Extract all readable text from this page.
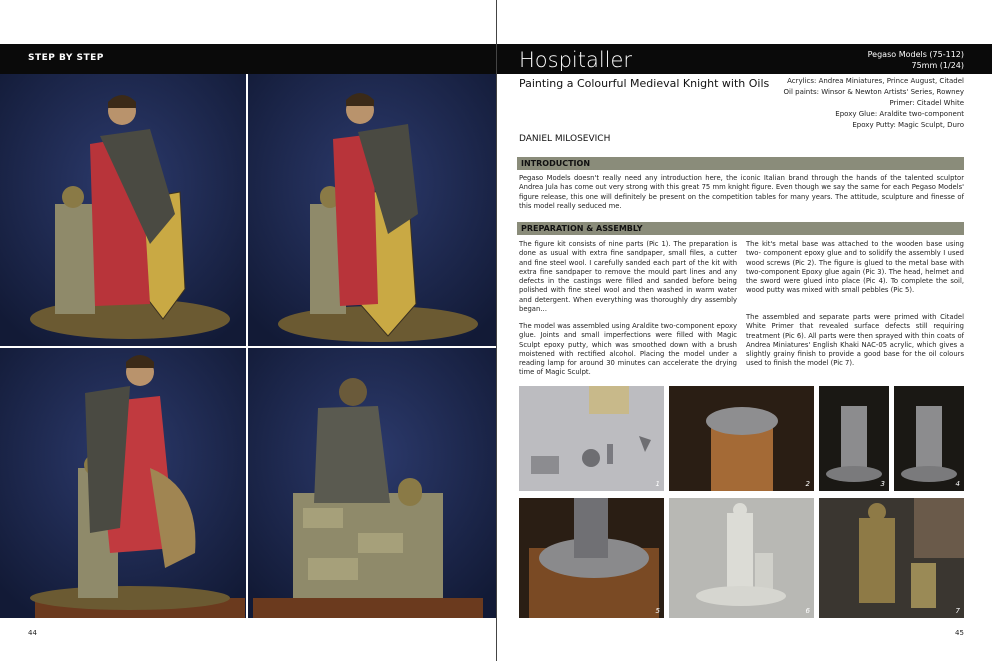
STEP BY STEP	Hospitaller	Pegaso Models (75-112)
75mm (1/24)
Painting a Colourful Medieval Knight with Oils	Acrylics: Andrea Miniatures, Prince August, Citadel
Oil paints: Winsor & Newton Artists' Series, Rowney
Primer: Citadel White
Epoxy Glue: Araldite two-component
Epoxy Putty: Magic Sculpt, Duro
DANIEL MILOSEVICH
INTRODUCTION
Pegaso Models doesn't really need any introduction here, the iconic Italian brand through the hands of the talented sculptor Andrea Jula has come out very strong with this great 75 mm knight figure. Even though we say the same for each Pegaso Models' figure release, this one will definitely be present on the competition tables for many years. The attitude, sculpture and finesse of this model really seduced me.
PREPARATION & ASSEMBLY
The figure kit consists of nine parts (Pic 1). The preparation is done as usual with extra fine sandpaper, small files, a cutter and fine steel wool. I carefully sanded each part of the kit with extra fine sandpaper to remove the mould part lines and any defects in the castings were filled and sanded before being polished with fine steel wool and then washed in warm water and detergent. When everything was thoroughly dry assembly began…
The model was assembled using Araldite two-component epoxy glue. Joints and small imperfections were filled with Magic Sculpt epoxy putty, which was smoothed down with a brush moistened with rectified alcohol. Placing the model under a reading lamp for around 30 minutes can accelerate the drying time of Magic Sculpt.
The kit's metal base was attached to the wooden base using two- component epoxy glue and to solidify the assembly I used wood screws (Pic 2). The figure is glued to the metal base with two-component Epoxy glue again (Pic 3). The head, helmet and the sword were glued into place (Pic 4). To complete the soil, wood putty was mixed with small pebbles (Pic 5).
The assembled and separate parts were primed with Citadel White Primer that revealed surface defects still requiring treatment (Pic 6). All parts were then sprayed with thin coats of Andrea Miniatures' English Khaki NAC-05 acrylic, which gives a slightly grainy finish to provide a good base for the oil colours used to finish the model (Pic 7).
1	2	3	4
5	6	7
44	45
